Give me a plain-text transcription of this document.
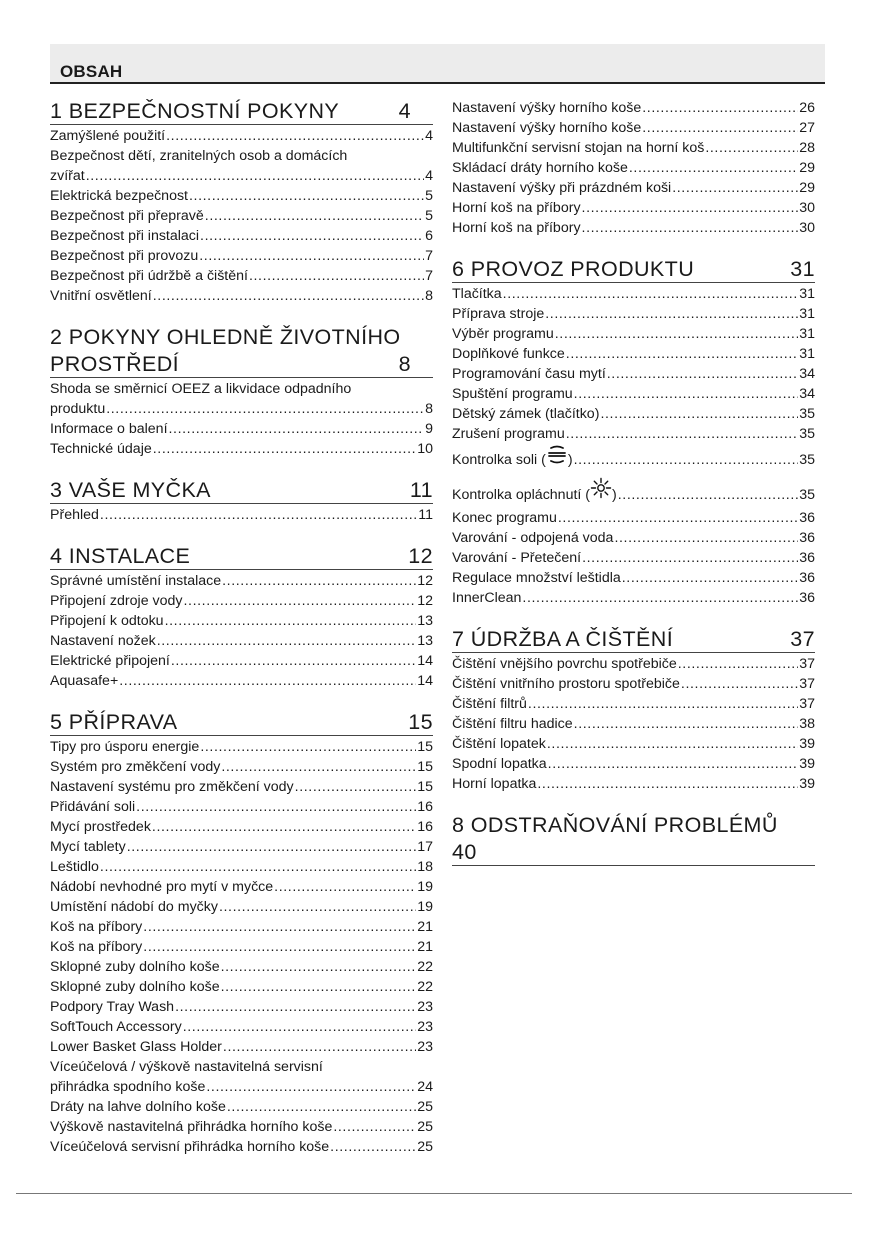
OBSAH
1 BEZPEČNOSTNÍ POKYNY	4
Zamýšlené použití .....	4
Bezpečnost dětí, zranitelných osob a domácích
zvířat .....	4
Elektrická bezpečnost .....	5
Bezpečnost při přepravě .....	5
Bezpečnost při instalaci .....	6
Bezpečnost při provozu .....	7
Bezpečnost při údržbě a čištění .....	7
Vnitřní osvětlení .....	8
2 POKYNY OHLEDNĚ ŽIVOTNÍHO
PROSTŘEDÍ	8
Shoda se směrnicí OEEZ a likvidace odpadního
produktu .....	8
Informace o balení .....	9
Technické údaje .....	10
3 VAŠE MYČKA	11
Přehled .....	11
4 INSTALACE	12
Správné umístění instalace .....	12
Připojení zdroje vody .....	12
Připojení k odtoku .....	13
Nastavení nožek .....	13
Elektrické připojení .....	14
Aquasafe+ .....	14
5 PŘÍPRAVA	15
Tipy pro úsporu energie .....	15
Systém pro změkčení vody .....	15
Nastavení systému pro změkčení vody .....	15
Přidávání soli .....	16
Mycí prostředek .....	16
Mycí tablety .....	17
Leštidlo .....	18
Nádobí nevhodné pro mytí v myčce .....	19
Umístění nádobí do myčky .....	19
Koš na příbory .....	21
Koš na příbory .....	21
Sklopné zuby dolního koše .....	22
Sklopné zuby dolního koše .....	22
Podpory Tray Wash .....	23
SoftTouch Accessory .....	23
Lower Basket Glass Holder .....	23
Víceúčelová / výškově nastavitelná servisní
přihrádka spodního koše .....	24
Dráty na lahve dolního koše .....	25
Výškově nastavitelná přihrádka horního koše .....	25
Víceúčelová servisní přihrádka horního koše .....	25
Nastavení výšky horního koše .....	26
Nastavení výšky horního koše .....	27
Multifunkční servisní stojan na horní koš .....	28
Skládací dráty horního koše .....	29
Nastavení výšky při prázdném koši .....	29
Horní koš na příbory .....	30
Horní koš na příbory .....	30
6 PROVOZ PRODUKTU	31
Tlačítka .....	31
Příprava stroje .....	31
Výběr programu .....	31
Doplňkové funkce .....	31
Programování času mytí .....	34
Spuštění programu .....	34
Dětský zámek (tlačítko) .....	35
Zrušení programu .....	35
Kontrolka soli ( ) .....	35
Kontrolka opláchnutí ( ) .....	35
Konec programu .....	36
Varování - odpojená voda .....	36
Varování - Přetečení .....	36
Regulace množství leštidla .....	36
InnerClean .....	36
7 ÚDRŽBA A ČIŠTĚNÍ	37
Čištění vnějšího povrchu spotřebiče .....	37
Čištění vnitřního prostoru spotřebiče .....	37
Čištění filtrů .....	37
Čištění filtru hadice .....	38
Čištění lopatek .....	39
Spodní lopatka .....	39
Horní lopatka .....	39
8 ODSTRAŇOVÁNÍ PROBLÉMŮ
40
